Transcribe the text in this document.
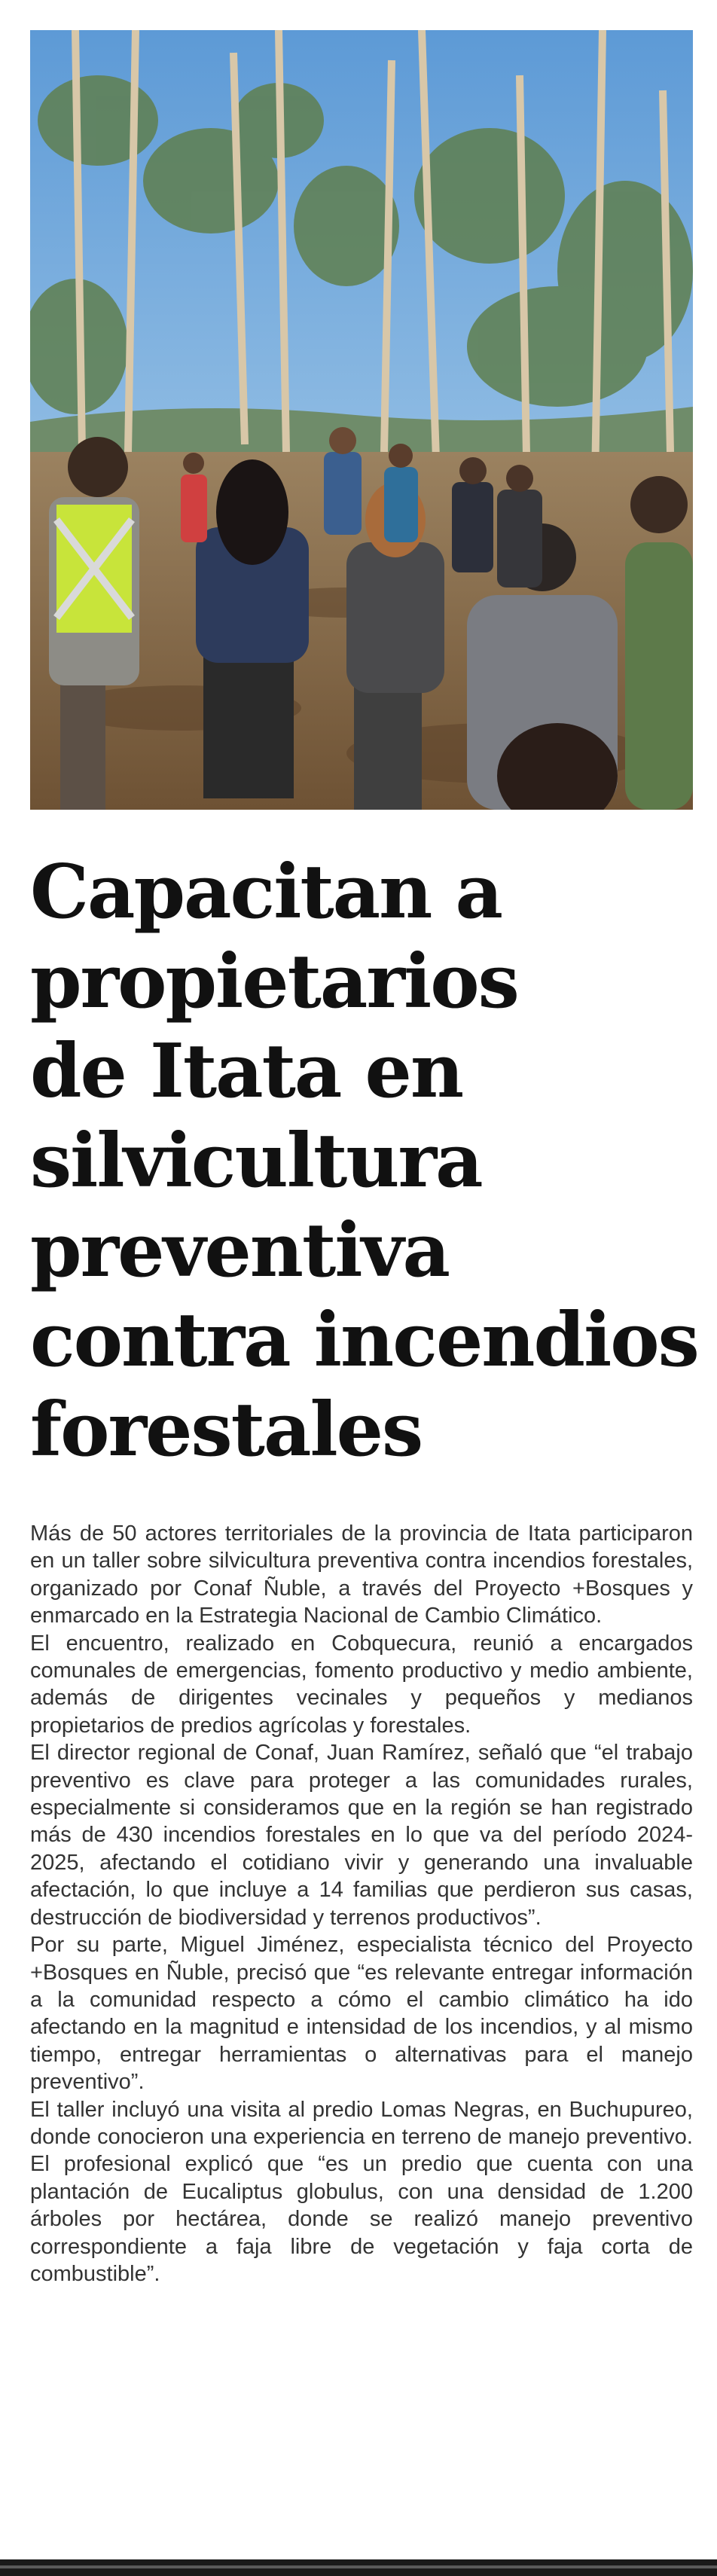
Capacitan a
propietarios
de Itata en
silvicultura
preventiva
contra incendios
forestales

Más de 50 actores territoriales de la provincia de Itata participaron en un taller sobre silvicultura preventiva contra incendios forestales, organizado por Conaf Ñuble, a través del Proyecto +Bosques y enmarcado en la Estrategia Nacional de Cambio Climático.

El encuentro, realizado en Cobquecura, reunió a encargados comunales de emergencias, fomento productivo y medio ambiente, además de dirigentes vecinales y pequeños y medianos propietarios de predios agrícolas y forestales.

El director regional de Conaf, Juan Ramírez, señaló que “el trabajo preventivo es clave para proteger a las comunidades rurales, especialmente si consideramos que en la región se han registrado más de 430 incendios forestales en lo que va del período 2024-2025, afectando el cotidiano vivir y generando una invaluable afectación, lo que incluye a 14 familias que perdieron sus casas, destrucción de biodiversidad y terrenos productivos”.

Por su parte, Miguel Jiménez, especialista técnico del Proyecto +Bosques en Ñuble, precisó que “es relevante entregar información a la comunidad respecto a cómo el cambio climático ha ido afectando en la magnitud e intensidad de los incendios, y al mismo tiempo, entregar herramientas o alternativas para el manejo preventivo”.

El taller incluyó una visita al predio Lomas Negras, en Buchupureo, donde conocieron una experiencia en terreno de manejo preventivo. El profesional explicó que “es un predio que cuenta con una plantación de Eucaliptus globulus, con una densidad de 1.200 árboles por hectárea, donde se realizó manejo preventivo correspondiente a faja libre de vegetación y faja corta de combustible”.
